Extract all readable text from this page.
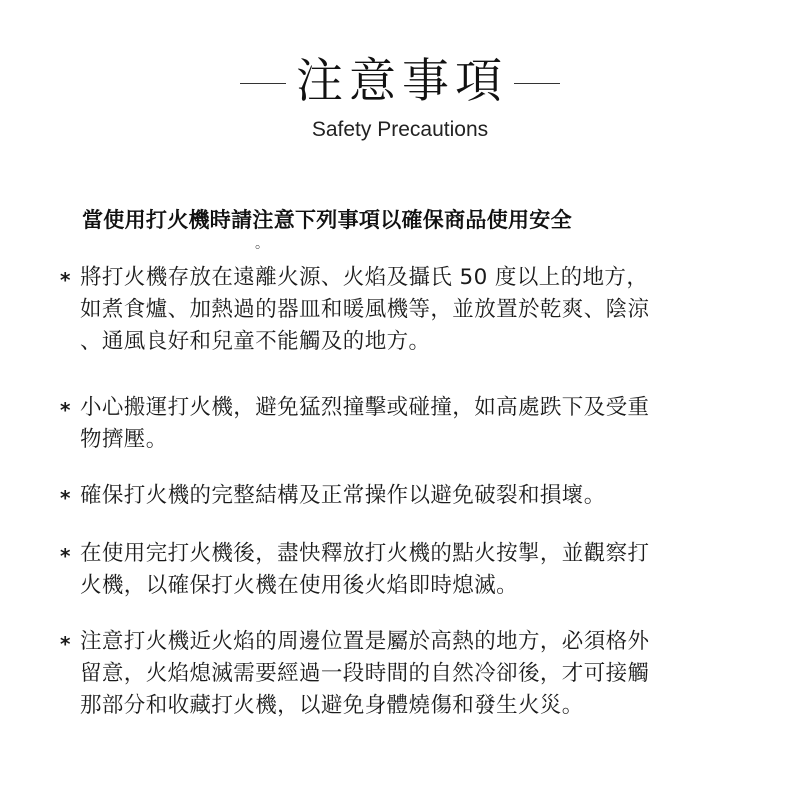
注意事項
Safety Precautions
當使用打火機時請注意下列事項以確保商品使用安全
。
* 將打火機存放在遠離火源、火焰及攝氏 50 度以上的地方，
如煮食爐、加熱過的器皿和暖風機等，並放置於乾爽、陰涼
、通風良好和兒童不能觸及的地方。
* 小心搬運打火機，避免猛烈撞擊或碰撞，如高處跌下及受重
物擠壓。
* 確保打火機的完整結構及正常操作以避免破裂和損壞。
* 在使用完打火機後，盡快釋放打火機的點火按掣，並觀察打
火機，以確保打火機在使用後火焰即時熄滅。
* 注意打火機近火焰的周邊位置是屬於高熱的地方，必須格外
留意，火焰熄滅需要經過一段時間的自然冷卻後，才可接觸
那部分和收藏打火機，以避免身體燒傷和發生火災。
